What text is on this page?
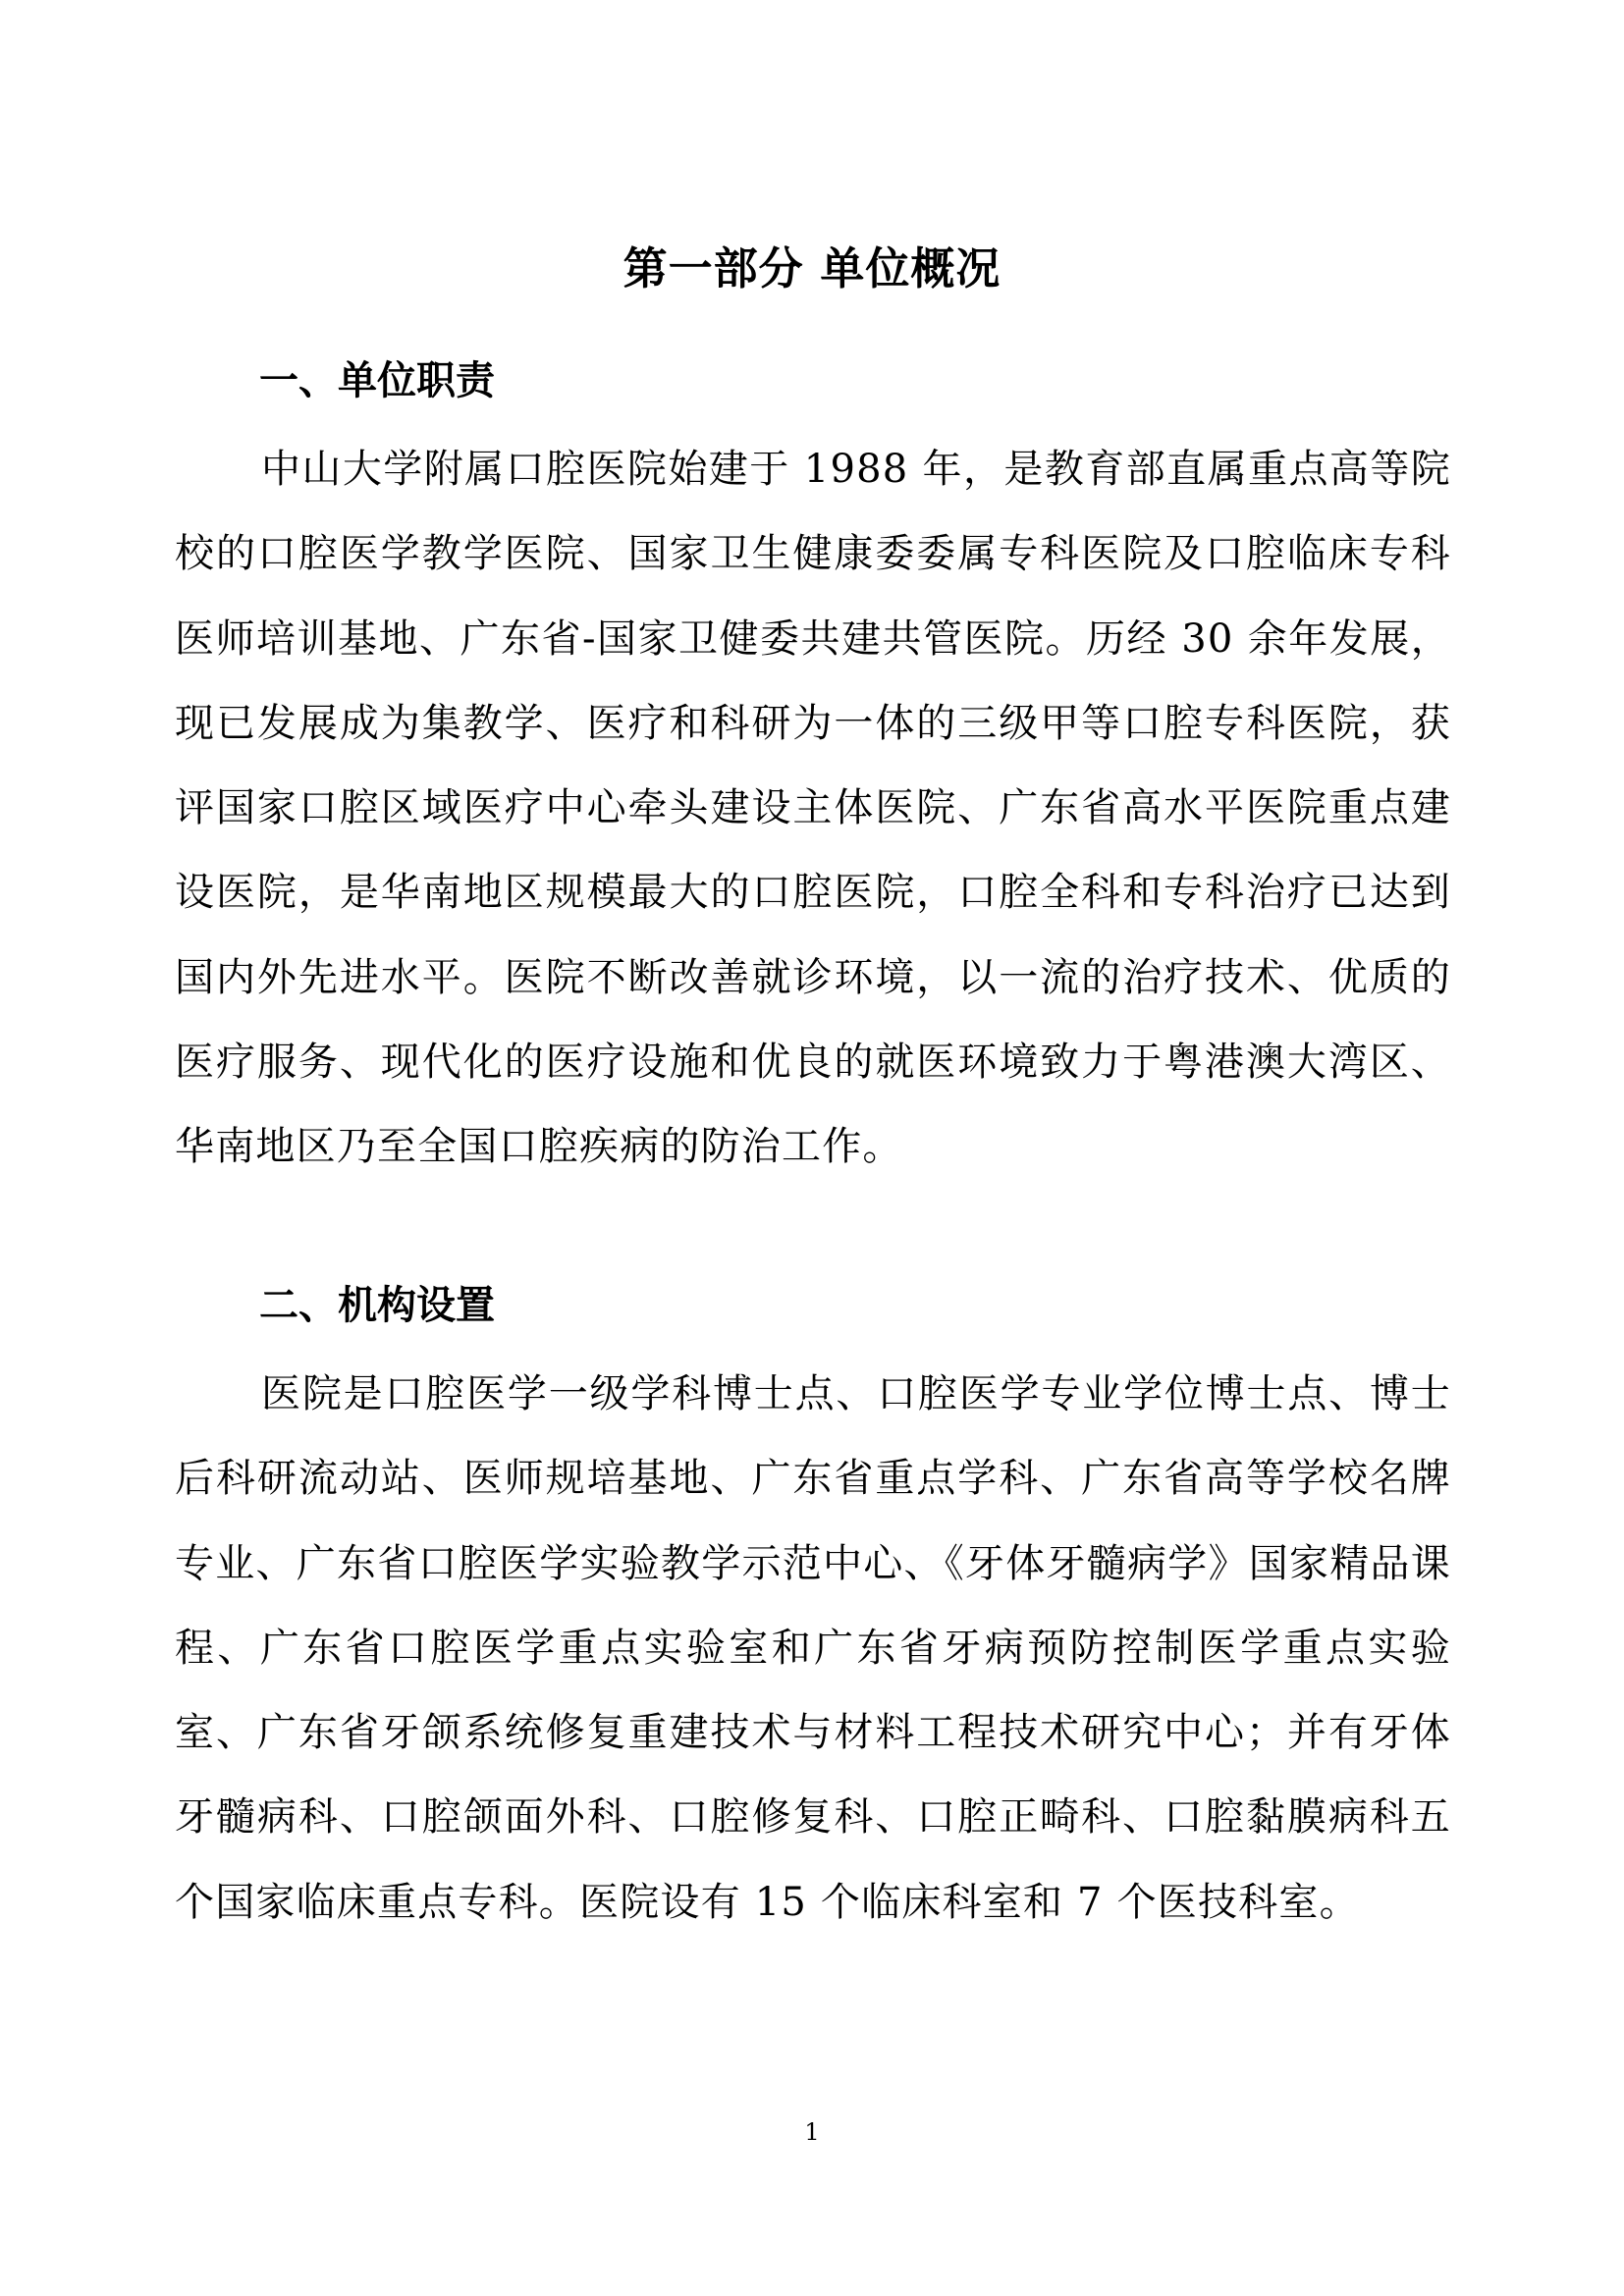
第一部分 单位概况
一、单位职责

中山大学附属口腔医院始建于 1988 年，是教育部直属重点高等院校的口腔医学教学医院、国家卫生健康委委属专科医院及口腔临床专科医师培训基地、广东省-国家卫健委共建共管医院。历经 30 余年发展，现已发展成为集教学、医疗和科研为一体的三级甲等口腔专科医院，获评国家口腔区域医疗中心牵头建设主体医院、广东省高水平医院重点建设医院，是华南地区规模最大的口腔医院，口腔全科和专科治疗已达到国内外先进水平。医院不断改善就诊环境，以一流的治疗技术、优质的医疗服务、现代化的医疗设施和优良的就医环境致力于粤港澳大湾区、华南地区乃至全国口腔疾病的防治工作。

二、机构设置

医院是口腔医学一级学科博士点、口腔医学专业学位博士点、博士后科研流动站、医师规培基地、广东省重点学科、广东省高等学校名牌专业、广东省口腔医学实验教学示范中心、《牙体牙髓病学》国家精品课程、广东省口腔医学重点实验室和广东省牙病预防控制医学重点实验室、广东省牙颌系统修复重建技术与材料工程技术研究中心；并有牙体牙髓病科、口腔颌面外科、口腔修复科、口腔正畸科、口腔黏膜病科五个国家临床重点专科。医院设有 15 个临床科室和 7 个医技科室。

1
